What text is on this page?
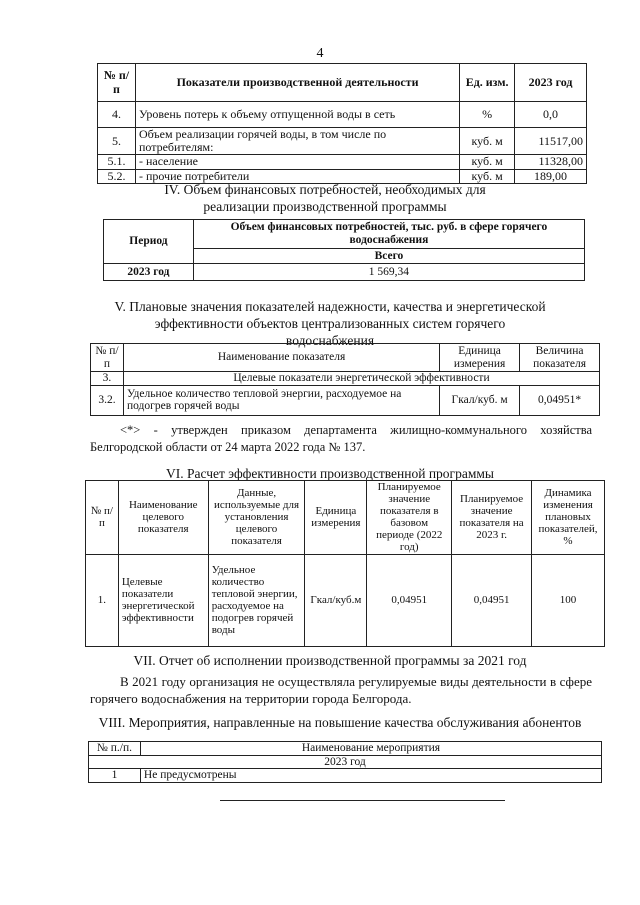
4
№ п/п	Показатели производственной деятельности	Ед. изм.	2023 год
4.	Уровень потерь к объему отпущенной воды в сеть	%	0,0
5.	Объем реализации горячей воды, в том числе по потребителям:	куб. м	11517,00
5.1.	- население	куб. м	11328,00
5.2.	- прочие потребители	куб. м	189,00
IV. Объем финансовых потребностей, необходимых для реализации производственной программы
Период	Объем финансовых потребностей, тыс. руб. в сфере горячего водоснабжения
	Всего
2023 год	1 569,34
V. Плановые значения показателей надежности, качества и энергетической эффективности объектов централизованных систем горячего водоснабжения
№ п/п	Наименование показателя	Единица измерения	Величина показателя
3.	Целевые показатели энергетической эффективности		
3.2.	Удельное количество тепловой энергии, расходуемое на подогрев горячей воды	Гкал/куб. м	0,04951*
<*> - утвержден приказом департамента жилищно-коммунального хозяйства Белгородской области от 24 марта 2022 года № 137.
VI. Расчет эффективности производственной программы
№ п/п	Наименование целевого показателя	Данные, используемые для установления целевого показателя	Единица измерения	Планируемое значение показателя в базовом периоде (2022 год)	Планируемое значение показателя на 2023 г.	Динамика изменения плановых показателей, %
1.	Целевые показатели энергетической эффективности	Удельное количество тепловой энергии, расходуемое на подогрев горячей воды	Гкал/куб.м	0,04951	0,04951	100
VII. Отчет об исполнении производственной программы за 2021 год
В 2021 году организация не осуществляла регулируемые виды деятельности в сфере горячего водоснабжения на территории города Белгорода.
VIII. Мероприятия, направленные на повышение качества обслуживания абонентов
№ п./п.	Наименование мероприятия
2023 год	
1	Не предусмотрены
